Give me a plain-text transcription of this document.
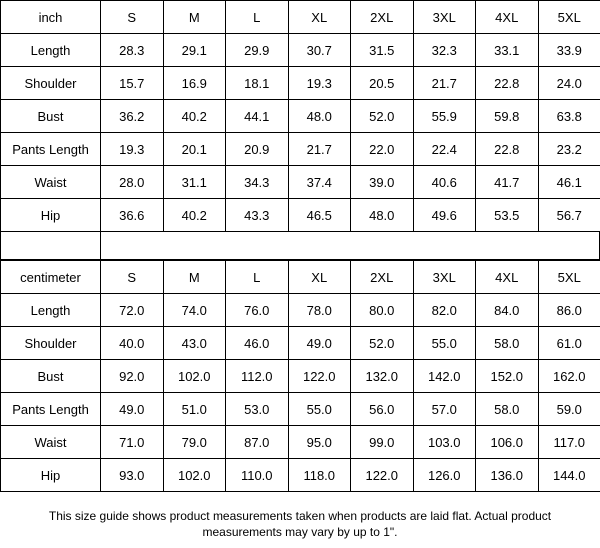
inch	S	M	L	XL	2XL	3XL	4XL	5XL
Length	28.3	29.1	29.9	30.7	31.5	32.3	33.1	33.9
Shoulder	15.7	16.9	18.1	19.3	20.5	21.7	22.8	24.0
Bust	36.2	40.2	44.1	48.0	52.0	55.9	59.8	63.8
Pants Length	19.3	20.1	20.9	21.7	22.0	22.4	22.8	23.2
Waist	28.0	31.1	34.3	37.4	39.0	40.6	41.7	46.1
Hip	36.6	40.2	43.3	46.5	48.0	49.6	53.5	56.7
centimeter	S	M	L	XL	2XL	3XL	4XL	5XL
Length	72.0	74.0	76.0	78.0	80.0	82.0	84.0	86.0
Shoulder	40.0	43.0	46.0	49.0	52.0	55.0	58.0	61.0
Bust	92.0	102.0	112.0	122.0	132.0	142.0	152.0	162.0
Pants Length	49.0	51.0	53.0	55.0	56.0	57.0	58.0	59.0
Waist	71.0	79.0	87.0	95.0	99.0	103.0	106.0	117.0
Hip	93.0	102.0	110.0	118.0	122.0	126.0	136.0	144.0
This size guide shows product measurements taken when products are laid flat. Actual product measurements may vary by up to 1".
